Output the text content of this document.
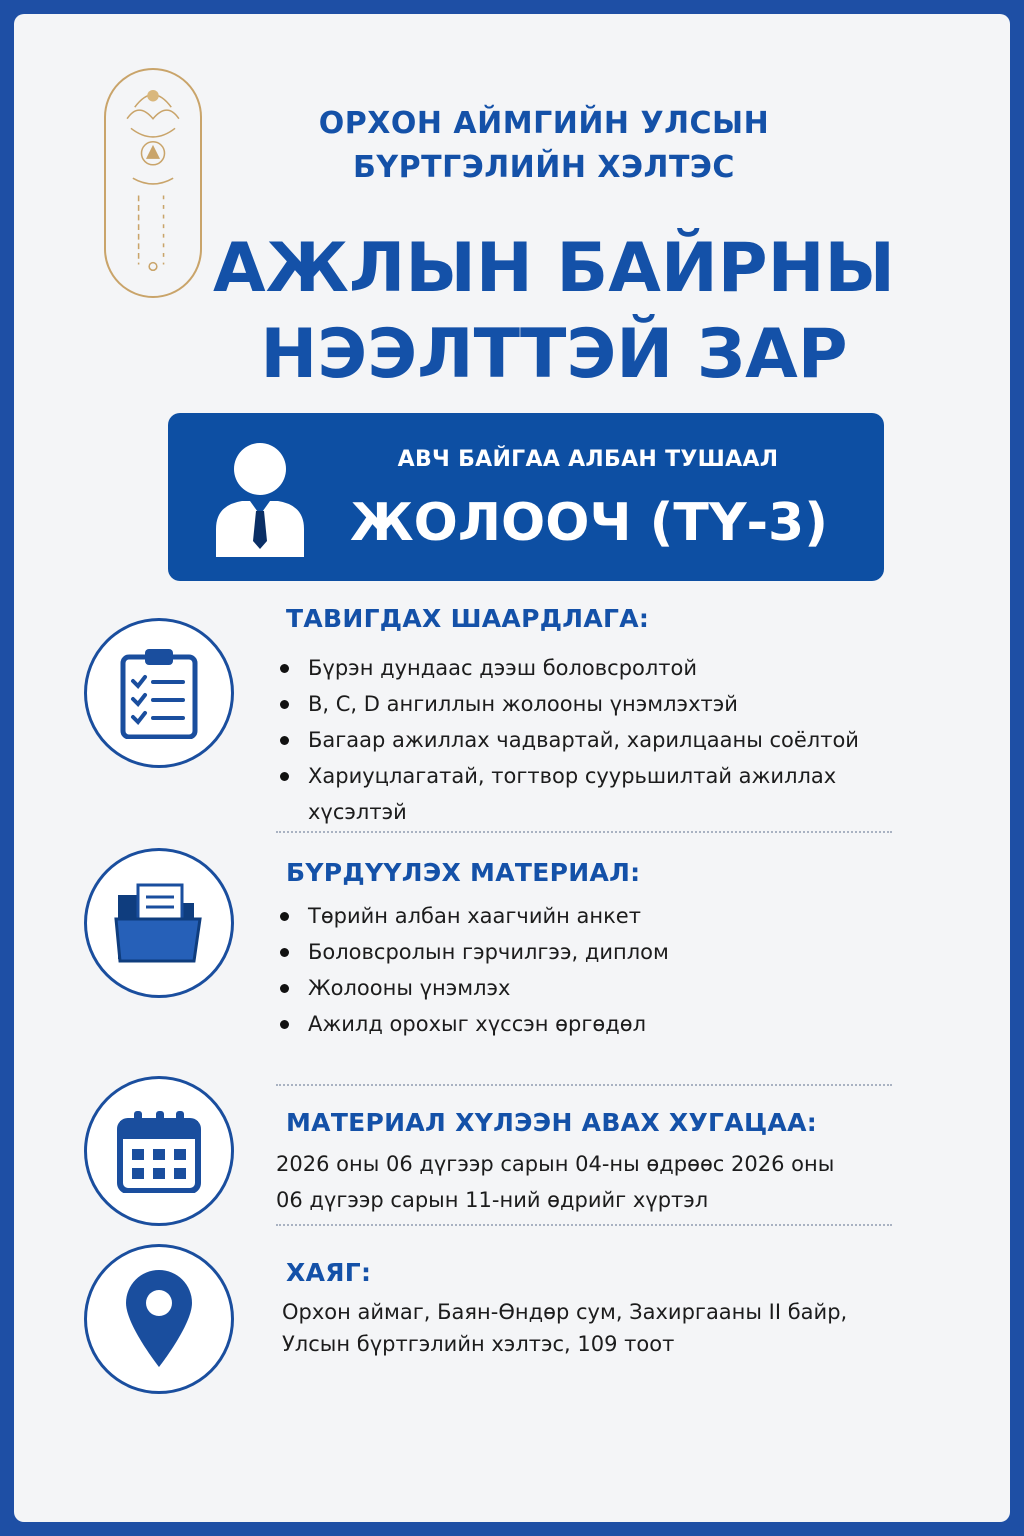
ОРХОН АЙМГИЙН УЛСЫН
БҮРТГЭЛИЙН ХЭЛТЭС
АЖЛЫН БАЙРНЫ
НЭЭЛТТЭЙ ЗАР
АВЧ БАЙГАА АЛБАН ТУШААЛ
ЖОЛООЧ (ТҮ-3)
ТАВИГДАХ ШААРДЛАГА:
Бүрэн дундаас дээш боловсролтой
B, C, D ангиллын жолооны үнэмлэхтэй
Багаар ажиллах чадвартай, харилцааны соёлтой
Хариуцлагатай, тогтвор суурьшилтай ажиллах хүсэлтэй
БҮРДҮҮЛЭХ МАТЕРИАЛ:
Төрийн албан хаагчийн анкет
Боловсролын гэрчилгээ, диплом
Жолооны үнэмлэх
Ажилд орохыг хүссэн өргөдөл
МАТЕРИАЛ ХҮЛЭЭН АВАХ ХУГАЦАА:
2026 оны 06 дүгээр сарын 04-ны өдрөөс 2026 оны 06 дүгээр сарын 11-ний өдрийг хүртэл
ХАЯГ:
Орхон аймаг, Баян-Өндөр сум, Захиргааны II байр, Улсын бүртгэлийн хэлтэс, 109 тоот
